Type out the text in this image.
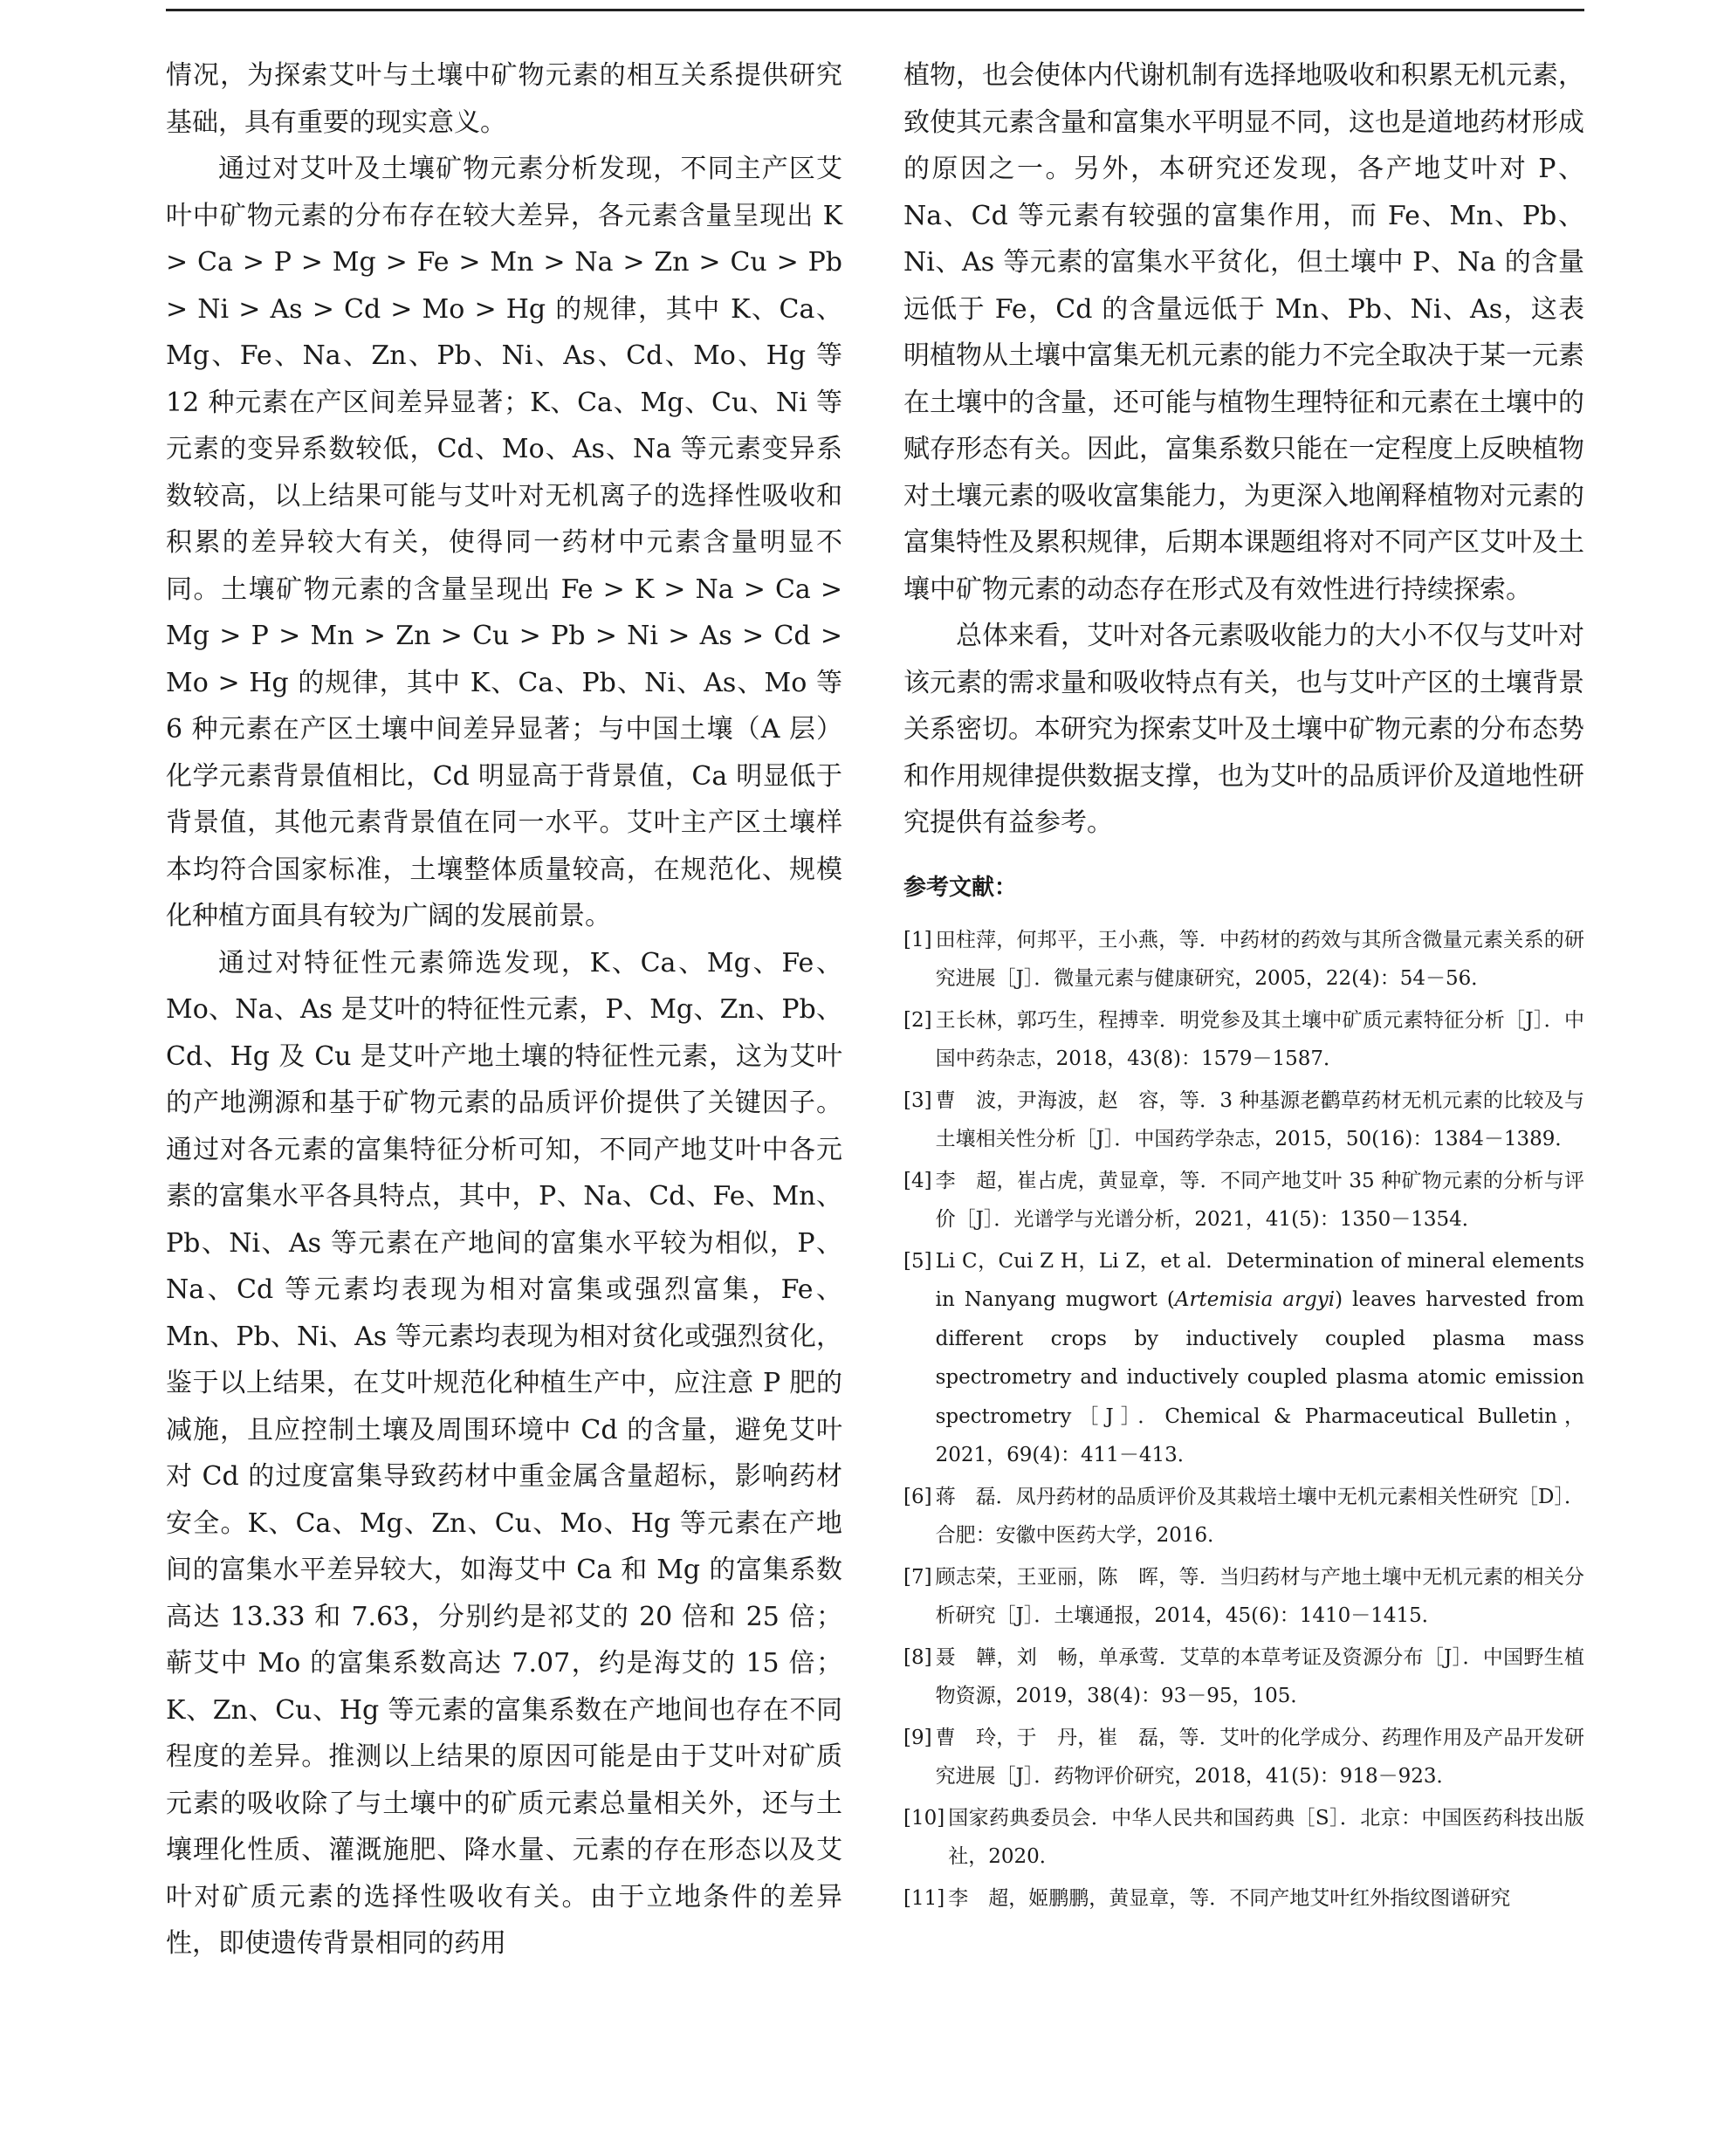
情况，为探索艾叶与土壤中矿物元素的相互关系提供研究基础，具有重要的现实意义。

通过对艾叶及土壤矿物元素分析发现，不同主产区艾叶中矿物元素的分布存在较大差异，各元素含量呈现出 K > Ca > P > Mg > Fe > Mn > Na > Zn > Cu > Pb > Ni > As > Cd > Mo > Hg 的规律，其中 K、Ca、Mg、Fe、Na、Zn、Pb、Ni、As、Cd、Mo、Hg 等 12 种元素在产区间差异显著；K、Ca、Mg、Cu、Ni 等元素的变异系数较低，Cd、Mo、As、Na 等元素变异系数较高，以上结果可能与艾叶对无机离子的选择性吸收和积累的差异较大有关，使得同一药材中元素含量明显不同。土壤矿物元素的含量呈现出 Fe > K > Na > Ca > Mg > P > Mn > Zn > Cu > Pb > Ni > As > Cd > Mo > Hg 的规律，其中 K、Ca、Pb、Ni、As、Mo 等 6 种元素在产区土壤中间差异显著；与中国土壤（A 层）化学元素背景值相比，Cd 明显高于背景值，Ca 明显低于背景值，其他元素背景值在同一水平。艾叶主产区土壤样本均符合国家标准，土壤整体质量较高，在规范化、规模化种植方面具有较为广阔的发展前景。

通过对特征性元素筛选发现，K、Ca、Mg、Fe、Mo、Na、As 是艾叶的特征性元素，P、Mg、Zn、Pb、Cd、Hg 及 Cu 是艾叶产地土壤的特征性元素，这为艾叶的产地溯源和基于矿物元素的品质评价提供了关键因子。通过对各元素的富集特征分析可知，不同产地艾叶中各元素的富集水平各具特点，其中，P、Na、Cd、Fe、Mn、Pb、Ni、As 等元素在产地间的富集水平较为相似，P、Na、Cd 等元素均表现为相对富集或强烈富集，Fe、Mn、Pb、Ni、As 等元素均表现为相对贫化或强烈贫化，鉴于以上结果，在艾叶规范化种植生产中，应注意 P 肥的减施，且应控制土壤及周围环境中 Cd 的含量，避免艾叶对 Cd 的过度富集导致药材中重金属含量超标，影响药材安全。K、Ca、Mg、Zn、Cu、Mo、Hg 等元素在产地间的富集水平差异较大，如海艾中 Ca 和 Mg 的富集系数高达 13.33 和 7.63，分别约是祁艾的 20 倍和 25 倍；蕲艾中 Mo 的富集系数高达 7.07，约是海艾的 15 倍；K、Zn、Cu、Hg 等元素的富集系数在产地间也存在不同程度的差异。推测以上结果的原因可能是由于艾叶对矿质元素的吸收除了与土壤中的矿质元素总量相关外，还与土壤理化性质、灌溉施肥、降水量、元素的存在形态以及艾叶对矿质元素的选择性吸收有关。由于立地条件的差异性，即使遗传背景相同的药用

植物，也会使体内代谢机制有选择地吸收和积累无机元素，致使其元素含量和富集水平明显不同，这也是道地药材形成的原因之一。另外，本研究还发现，各产地艾叶对 P、Na、Cd 等元素有较强的富集作用，而 Fe、Mn、Pb、Ni、As 等元素的富集水平贫化，但土壤中 P、Na 的含量远低于 Fe，Cd 的含量远低于 Mn、Pb、Ni、As，这表明植物从土壤中富集无机元素的能力不完全取决于某一元素在土壤中的含量，还可能与植物生理特征和元素在土壤中的赋存形态有关。因此，富集系数只能在一定程度上反映植物对土壤元素的吸收富集能力，为更深入地阐释植物对元素的富集特性及累积规律，后期本课题组将对不同产区艾叶及土壤中矿物元素的动态存在形式及有效性进行持续探索。

总体来看，艾叶对各元素吸收能力的大小不仅与艾叶对该元素的需求量和吸收特点有关，也与艾叶产区的土壤背景关系密切。本研究为探索艾叶及土壤中矿物元素的分布态势和作用规律提供数据支撑，也为艾叶的品质评价及道地性研究提供有益参考。

参考文献：
[1] 田柱萍，何邦平，王小燕，等．中药材的药效与其所含微量元素关系的研究进展［J］．微量元素与健康研究，2005，22(4)：54－56．
[2] 王长林，郭巧生，程搏幸．明党参及其土壤中矿质元素特征分析［J］．中国中药杂志，2018，43(8)：1579－1587．
[3] 曹　波，尹海波，赵　容，等．3 种基源老鹳草药材无机元素的比较及与土壤相关性分析［J］．中国药学杂志，2015，50(16)：1384－1389．
[4] 李　超，崔占虎，黄显章，等．不同产地艾叶 35 种矿物元素的分析与评价［J］．光谱学与光谱分析，2021，41(5)：1350－1354．
[5] Li C，Cui Z H，Li Z，et al．Determination of mineral elements in Nanyang mugwort (Artemisia argyi) leaves harvested from different crops by inductively coupled plasma mass spectrometry and inductively coupled plasma atomic emission spectrometry［J］．Chemical & Pharmaceutical Bulletin，2021，69(4)：411－413．
[6] 蒋　磊．凤丹药材的品质评价及其栽培土壤中无机元素相关性研究［D］．合肥：安徽中医药大学，2016．
[7] 顾志荣，王亚丽，陈　晖，等．当归药材与产地土壤中无机元素的相关分析研究［J］．土壤通报，2014，45(6)：1410－1415．
[8] 聂　韡，刘　畅，单承莺．艾草的本草考证及资源分布［J］．中国野生植物资源，2019，38(4)：93－95，105．
[9] 曹　玲，于　丹，崔　磊，等．艾叶的化学成分、药理作用及产品开发研究进展［J］．药物评价研究，2018，41(5)：918－923．
[10] 国家药典委员会．中华人民共和国药典［S］．北京：中国医药科技出版社，2020．
[11] 李　超，姬鹏鹏，黄显章，等．不同产地艾叶红外指纹图谱研究
